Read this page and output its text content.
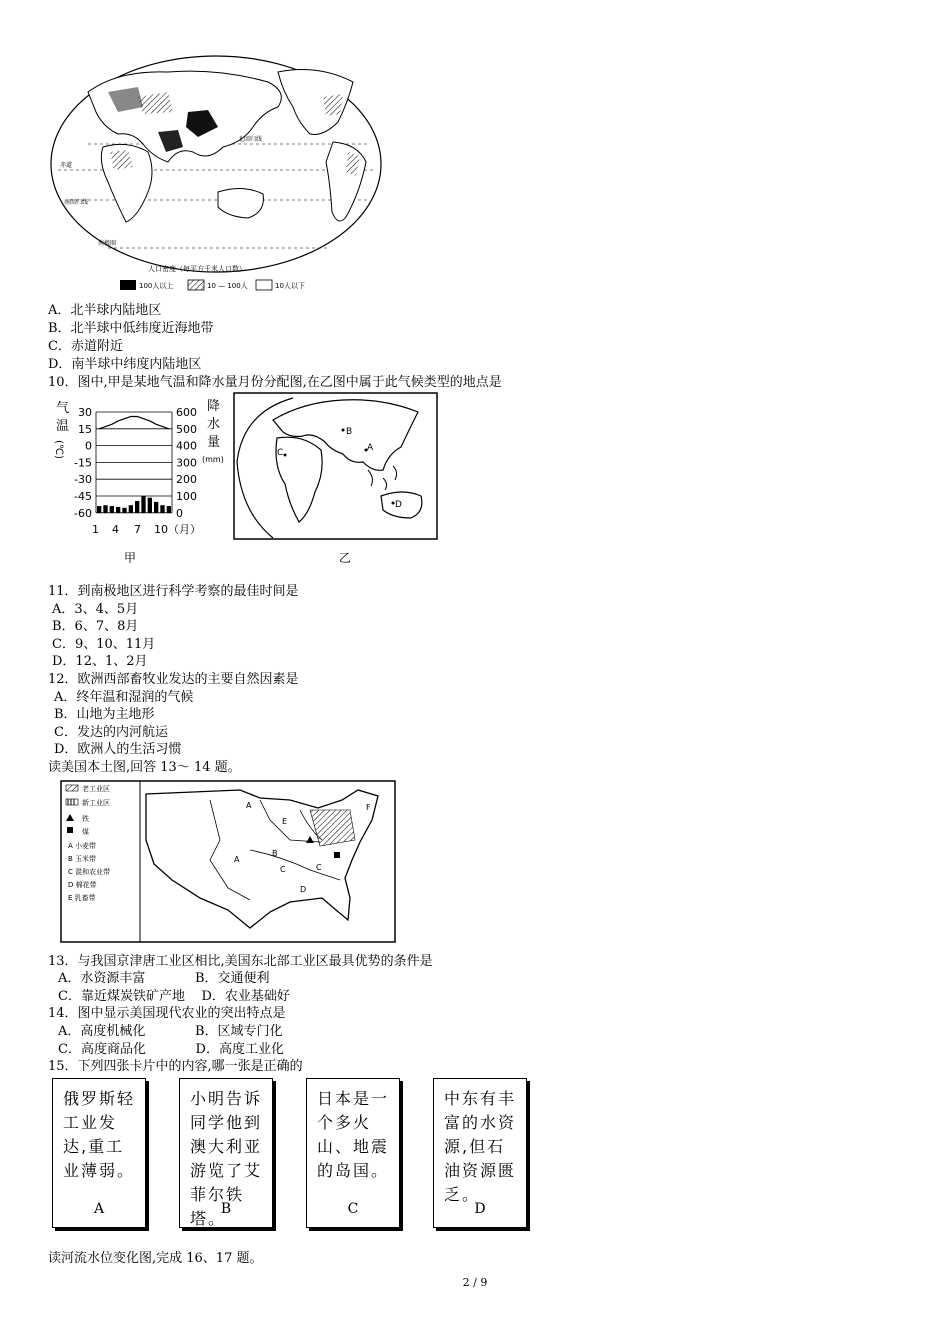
北回归线
赤道
南回归线
南极圈
人口密度（每平方千米人口数）
100人以上	10 — 100人	10人以下
A．北半球内陆地区
B．北半球中低纬度近海地带
C．赤道附近
D．南半球中纬度内陆地区
10．图中,甲是某地气温和降水量月份分配图,在乙图中属于此气候类型的地点是
气
温
(℃)
降
水
量
(mm)
30
15
0
-15
-30
-45
-60
600
500
400
300
200
100
0
1 4 7 10（月）
甲
B
A
C
D
乙
11．到南极地区进行科学考察的最佳时间是
A．3、4、5月
B．6、7、8月
C．9、10、11月
D．12、1、2月
12．欧洲西部畜牧业发达的主要自然因素是
A．终年温和湿润的气候
B．山地为主地形
C．发达的内河航运
D．欧洲人的生活习惯
读美国本土图,回答 13～ 14 题。
老工业区
新工业区
铁
煤
A 小麦带
B 玉米带
C 混和农业带
D 棉花带
E 乳畜带
A
E
F
A
B
C	C
D
13．与我国京津唐工业区相比,美国东北部工业区最具优势的条件是
A．水资源丰富            B．交通便利
C．靠近煤炭铁矿产地    D．农业基础好
14．图中显示美国现代农业的突出特点是
A．高度机械化            B．区域专门化
C．高度商品化            D．高度工业化
15．下列四张卡片中的内容,哪一张是正确的
俄罗斯轻工业发达,重工业薄弱。
A
小明告诉同学他到澳大利亚游览了艾菲尔铁塔。
B
日本是一个多火山、地震的岛国。
C
中东有丰富的水资源,但石油资源匮乏。
D
读河流水位变化图,完成 16、17 题。
2 / 9
